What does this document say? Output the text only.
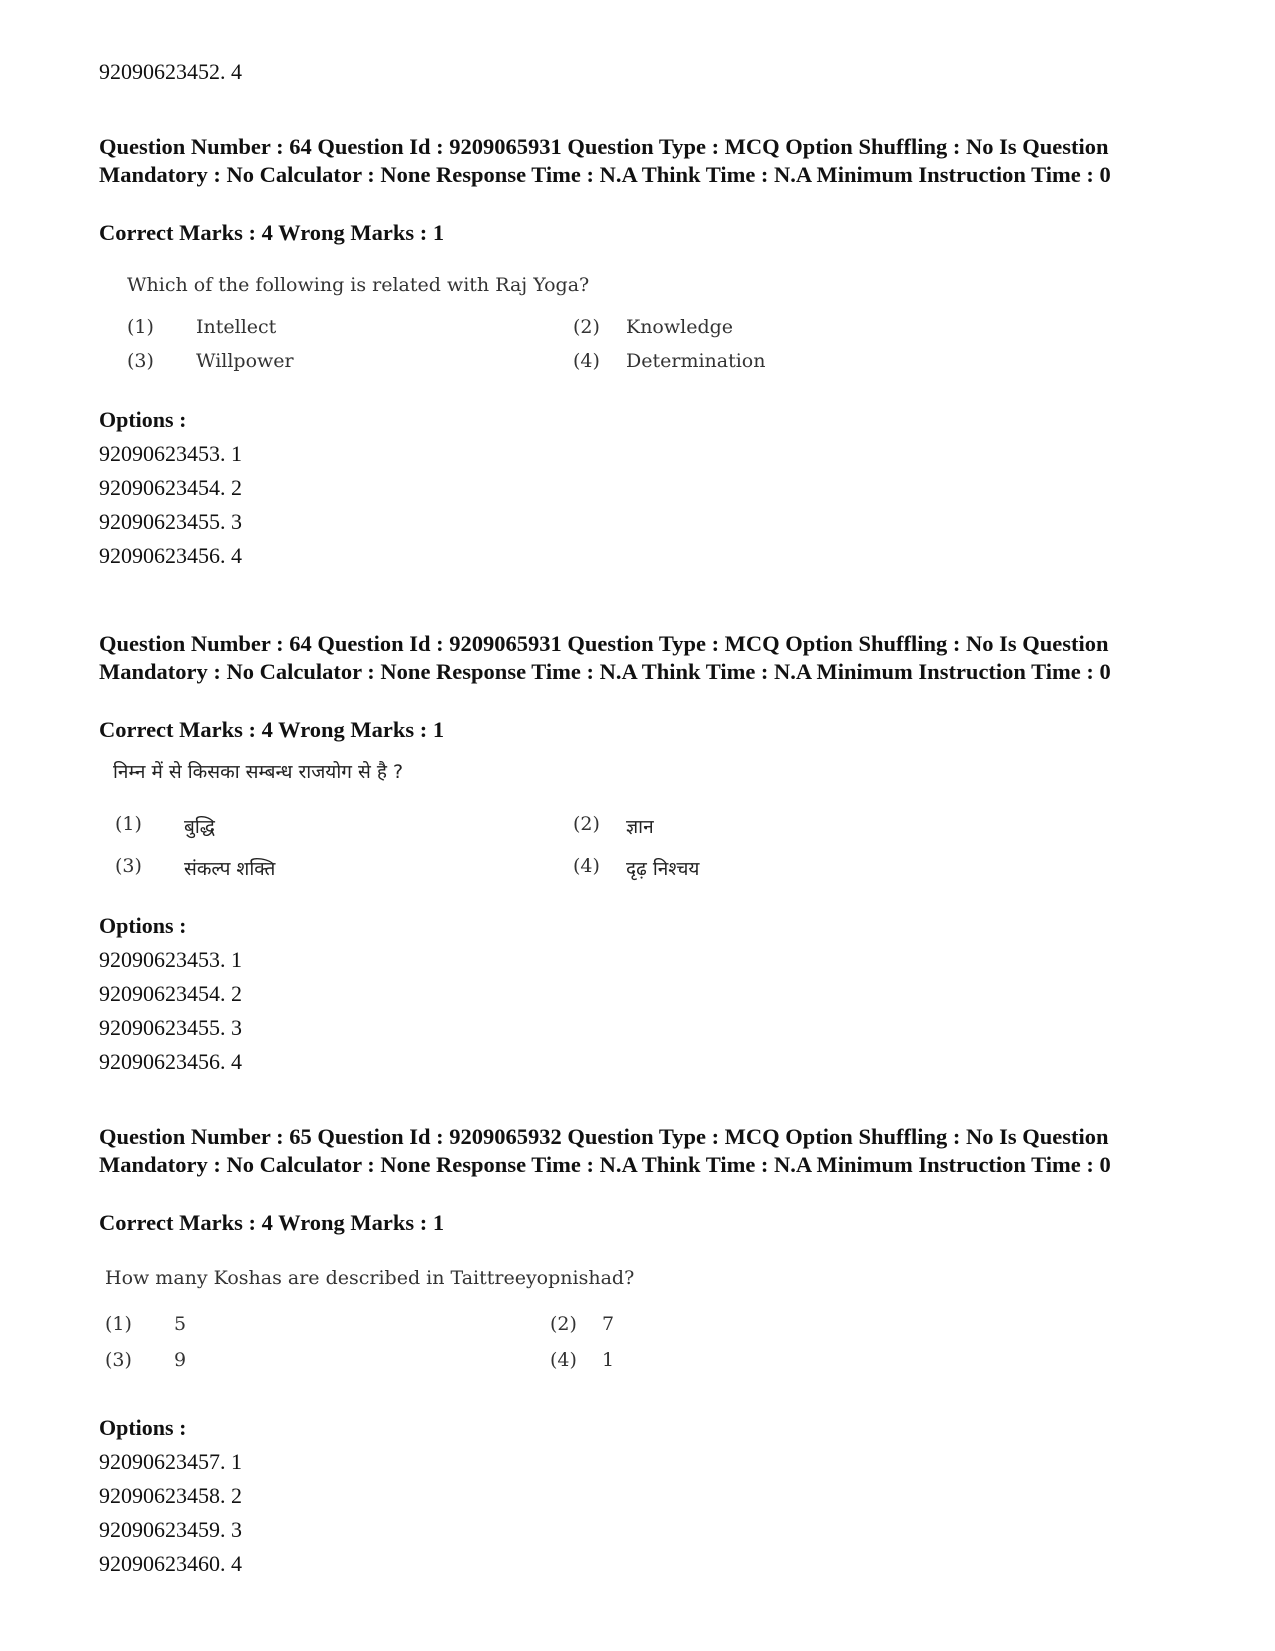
92090623452. 4
Question Number : 64 Question Id : 9209065931 Question Type : MCQ Option Shuffling : No Is Question Mandatory : No Calculator : None Response Time : N.A Think Time : N.A Minimum Instruction Time : 0
Correct Marks : 4 Wrong Marks : 1
Which of the following is related with Raj Yoga?
(1) Intellect	(2) Knowledge
(3) Willpower	(4) Determination
Options :
92090623453. 1
92090623454. 2
92090623455. 3
92090623456. 4
Question Number : 64 Question Id : 9209065931 Question Type : MCQ Option Shuffling : No Is Question Mandatory : No Calculator : None Response Time : N.A Think Time : N.A Minimum Instruction Time : 0
Correct Marks : 4 Wrong Marks : 1
निम्न में से किसका सम्बन्ध राजयोग से है ?
(1) बुद्धि	(2) ज्ञान
(3) संकल्प शक्ति	(4) दृढ़ निश्चय
Options :
92090623453. 1
92090623454. 2
92090623455. 3
92090623456. 4
Question Number : 65 Question Id : 9209065932 Question Type : MCQ Option Shuffling : No Is Question Mandatory : No Calculator : None Response Time : N.A Think Time : N.A Minimum Instruction Time : 0
Correct Marks : 4 Wrong Marks : 1
How many Koshas are described in Taittreeyopnishad?
(1) 5	(2) 7
(3) 9	(4) 1
Options :
92090623457. 1
92090623458. 2
92090623459. 3
92090623460. 4
